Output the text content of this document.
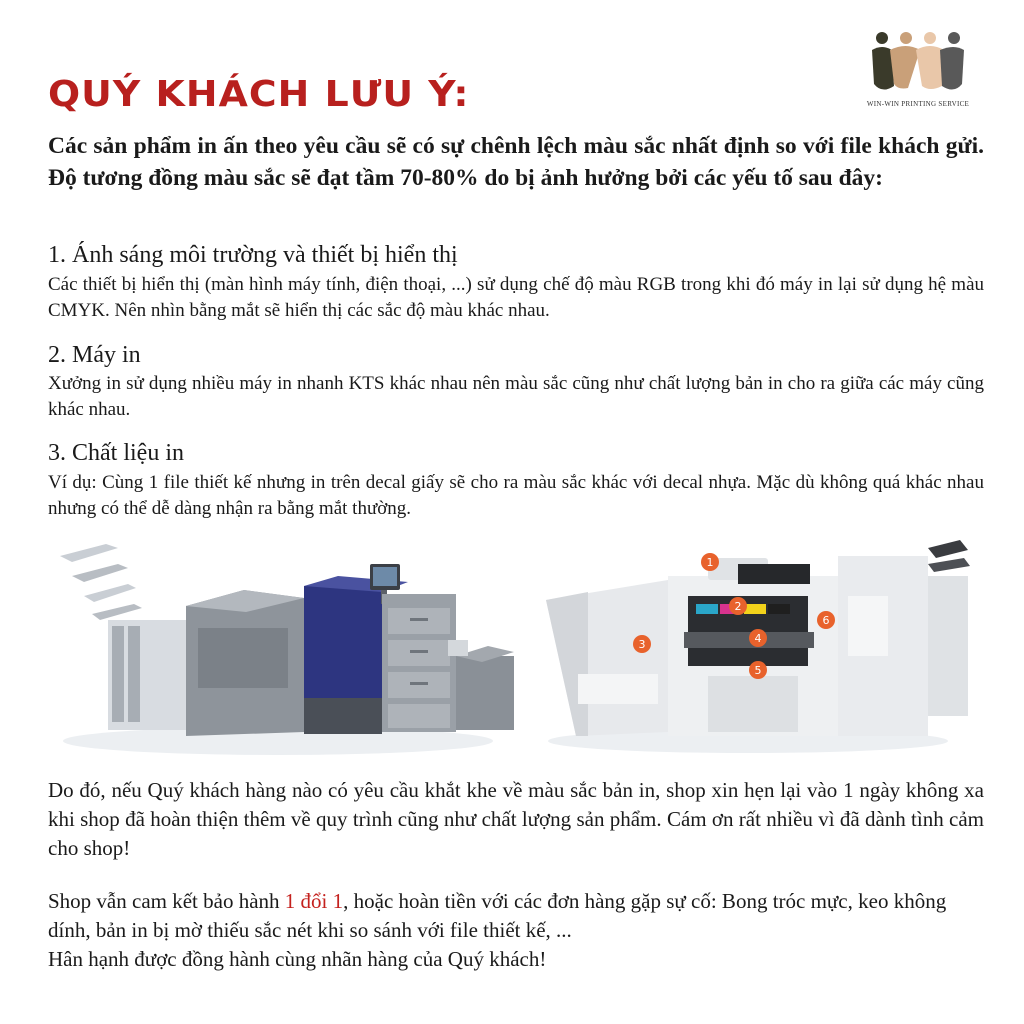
WIN-WIN PRINTING SERVICE
QUÝ KHÁCH LƯU Ý:
Các sản phẩm in ấn theo yêu cầu sẽ có sự chênh lệch màu sắc nhất định so với file khách gửi. Độ tương đồng màu sắc sẽ đạt tầm 70-80% do bị ảnh hưởng bởi các yếu tố sau đây:
1. Ánh sáng môi trường và thiết bị hiển thị
Các thiết bị hiển thị (màn hình máy tính, điện thoại, ...) sử dụng chế độ màu RGB trong khi đó máy in lại sử dụng hệ màu CMYK. Nên nhìn bằng mắt sẽ hiển thị các sắc độ màu khác nhau.
2. Máy in
Xưởng in sử dụng nhiều máy in nhanh KTS khác nhau nên màu sắc cũng như chất lượng bản in cho ra giữa các máy cũng khác nhau.
3. Chất liệu in
Ví dụ: Cùng 1 file thiết kế nhưng in trên decal giấy sẽ cho ra màu sắc khác với decal nhựa. Mặc dù không quá khác nhau nhưng có thể dễ dàng nhận ra bằng mắt thường.
1
2
3	4
5
6
Do đó, nếu Quý khách hàng nào có yêu cầu khắt khe về màu sắc bản in, shop xin hẹn lại vào 1 ngày không xa khi shop đã hoàn thiện thêm về quy trình cũng như chất lượng sản phẩm. Cám ơn rất nhiều vì đã dành tình cảm cho shop!
Shop vẫn cam kết bảo hành 1 đổi 1, hoặc hoàn tiền với các đơn hàng gặp sự cố: Bong tróc mực, keo không dính, bản in bị mờ thiếu sắc nét khi so sánh với file thiết kế, ...
Hân hạnh được đồng hành cùng nhãn hàng của Quý khách!
